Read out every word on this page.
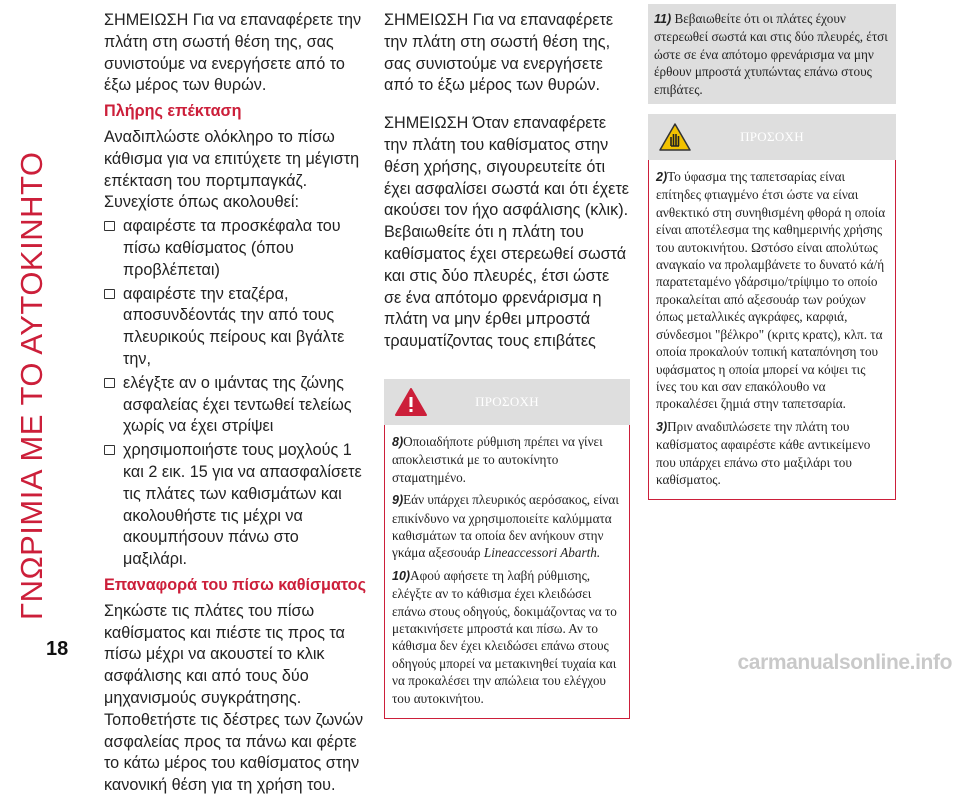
ΓΝΩΡΙΜΙΑ ΜΕ ΤΟ ΑΥΤΟΚΙΝΗΤΟ

ΣΗΜΕΙΩΣΗ Για να επαναφέρετε την πλάτη στη σωστή θέση της, σας συνιστούμε να ενεργήσετε από το έξω μέρος των θυρών.

Πλήρης επέκταση

Αναδιπλώστε ολόκληρο το πίσω κάθισμα για να επιτύχετε τη μέγιστη επέκταση του πορτμπαγκάζ. Συνεχίστε όπως ακολουθεί:

αφαιρέστε τα προσκέφαλα του πίσω καθίσματος (όπου προβλέπεται)

αφαιρέστε την εταζέρα, αποσυνδέοντάς την από τους πλευρικούς πείρους και βγάλτε την,

ελέγξτε αν ο ιμάντας της ζώνης ασφαλείας έχει τεντωθεί τελείως χωρίς να έχει στρίψει

χρησιμοποιήστε τους μοχλούς 1 και 2 εικ. 15 για να απασφαλίσετε τις πλάτες των καθισμάτων και ακολουθήστε τις μέχρι να ακουμπήσουν πάνω στο μαξιλάρι.

Επαναφορά του πίσω καθίσματος

Σηκώστε τις πλάτες του πίσω καθίσματος και πιέστε τις προς τα πίσω μέχρι να ακουστεί το κλικ ασφάλισης και από τους δύο μηχανισμούς συγκράτησης.

Τοποθετήστε τις δέστρες των ζωνών ασφαλείας προς τα πάνω και φέρτε το κάτω μέρος του καθίσματος στην κανονική θέση για τη χρήση του.

ΣΗΜΕΙΩΣΗ Για να επαναφέρετε την πλάτη στη σωστή θέση της, σας συνιστούμε να ενεργήσετε από το έξω μέρος των θυρών.

ΣΗΜΕΙΩΣΗ Όταν επαναφέρετε την πλάτη του καθίσματος στην θέση χρήσης, σιγουρευτείτε ότι έχει ασφαλίσει σωστά και ότι έχετε ακούσει τον ήχο ασφάλισης (κλικ). Βεβαιωθείτε ότι η πλάτη του καθίσματος έχει στερεωθεί σωστά και στις δύο πλευρές, έτσι ώστε σε ένα απότομο φρενάρισμα η πλάτη να μην έρθει μπροστά τραυματίζοντας τους επιβάτες

ΠΡΟΣΟΧΗ

8)Οποιαδήποτε ρύθμιση πρέπει να γίνει αποκλειστικά με το αυτοκίνητο σταματημένο.

9)Εάν υπάρχει πλευρικός αερόσακος, είναι επικίνδυνο να χρησιμοποιείτε καλύμματα καθισμάτων τα οποία δεν ανήκουν στην γκάμα αξεσουάρ Lineaccessori Abarth.

10)Αφού αφήσετε τη λαβή ρύθμισης, ελέγξτε αν το κάθισμα έχει κλειδώσει επάνω στους οδηγούς, δοκιμάζοντας να το μετακινήσετε μπροστά και πίσω. Αν το κάθισμα δεν έχει κλειδώσει επάνω στους οδηγούς μπορεί να μετακινηθεί τυχαία και να προκαλέσει την απώλεια του ελέγχου του αυτοκινήτου.

11) Βεβαιωθείτε ότι οι πλάτες έχουν στερεωθεί σωστά και στις δύο πλευρές, έτσι ώστε σε ένα απότομο φρενάρισμα να μην έρθουν μπροστά χτυπώντας επάνω στους επιβάτες.
ΠΡΟΣΟΧΗ

2)Το ύφασμα της ταπετσαρίας είναι επίτηδες φτιαγμένο έτσι ώστε να είναι ανθεκτικό στη συνηθισμένη φθορά η οποία είναι αποτέλεσμα της καθημερινής χρήσης του αυτοκινήτου. Ωστόσο είναι απολύτως αναγκαίο να προλαμβάνετε το δυνατό κά/ή παρατεταμένο γδάρσιμο/τρίψιμο το οποίο προκαλείται από αξεσουάρ των ρούχων όπως μεταλλικές αγκράφες, καρφιά, σύνδεσμοι "βέλκρο" (κριτς κρατς), κλπ. τα οποία προκαλούν τοπική καταπόνηση του υφάσματος η οποία μπορεί να κόψει τις ίνες του και σαν επακόλουθο να προκαλέσει ζημιά στην ταπετσαρία.

3)Πριν αναδιπλώσετε την πλάτη του καθίσματος αφαιρέστε κάθε αντικείμενο που υπάρχει επάνω στο μαξιλάρι του καθίσματος.

18
carmanualsonline.info
